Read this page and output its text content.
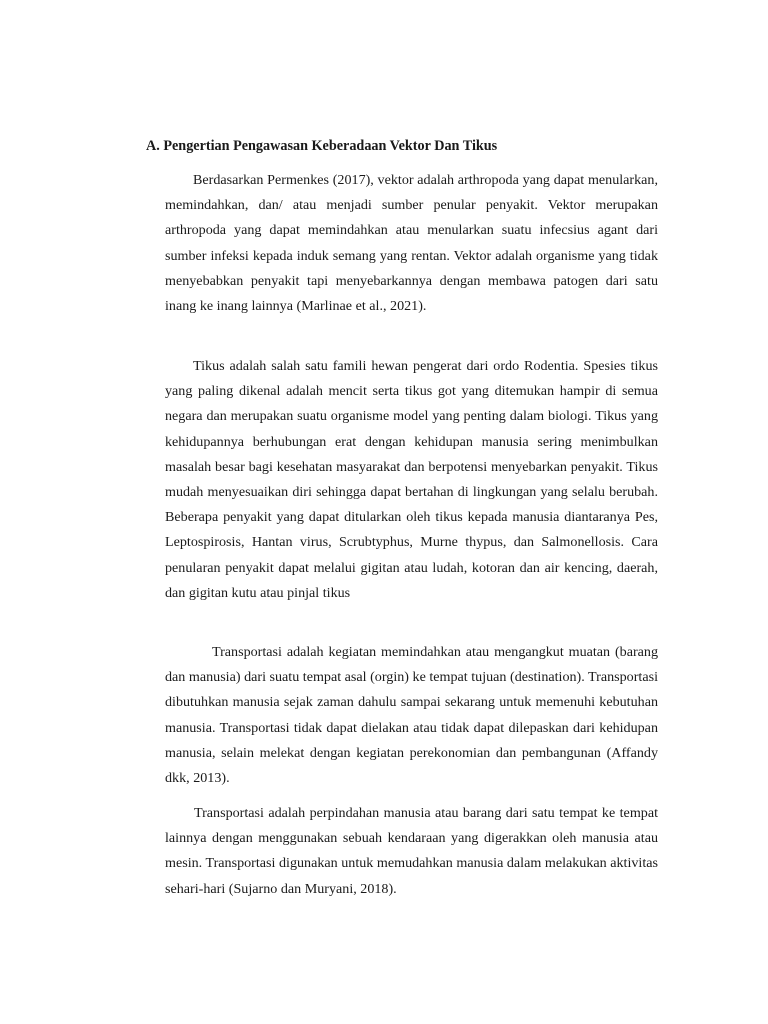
A. Pengertian Pengawasan Keberadaan Vektor Dan Tikus

Berdasarkan Permenkes (2017), vektor adalah arthropoda yang dapat menularkan, memindahkan, dan/ atau menjadi sumber penular penyakit. Vektor merupakan arthropoda yang dapat memindahkan atau menularkan suatu infecsius agant dari sumber infeksi kepada induk semang yang rentan. Vektor adalah organisme yang tidak menyebabkan penyakit tapi menyebarkannya dengan membawa patogen dari satu inang ke inang lainnya (Marlinae et al., 2021).

Tikus adalah salah satu famili hewan pengerat dari ordo Rodentia. Spesies tikus yang paling dikenal adalah mencit serta tikus got yang ditemukan hampir di semua negara dan merupakan suatu organisme model yang penting dalam biologi. Tikus yang kehidupannya berhubungan erat dengan kehidupan manusia sering menimbulkan masalah besar bagi kesehatan masyarakat dan berpotensi menyebarkan penyakit. Tikus mudah menyesuaikan diri sehingga dapat bertahan di lingkungan yang selalu berubah. Beberapa penyakit yang dapat ditularkan oleh tikus kepada manusia diantaranya Pes, Leptospirosis, Hantan virus, Scrubtyphus, Murne thypus, dan Salmonellosis. Cara penularan penyakit dapat melalui gigitan atau ludah, kotoran dan air kencing, daerah, dan gigitan kutu atau pinjal tikus

Transportasi adalah kegiatan memindahkan atau mengangkut muatan (barang dan manusia) dari suatu tempat asal (orgin) ke tempat tujuan (destination). Transportasi dibutuhkan manusia sejak zaman dahulu sampai sekarang untuk memenuhi kebutuhan manusia. Transportasi tidak dapat dielakan atau tidak dapat dilepaskan dari kehidupan manusia, selain melekat dengan kegiatan perekonomian dan pembangunan (Affandy dkk, 2013).

Transportasi adalah perpindahan manusia atau barang dari satu tempat ke tempat lainnya dengan menggunakan sebuah kendaraan yang digerakkan oleh manusia atau mesin. Transportasi digunakan untuk memudahkan manusia dalam melakukan aktivitas sehari-hari (Sujarno dan Muryani, 2018).
